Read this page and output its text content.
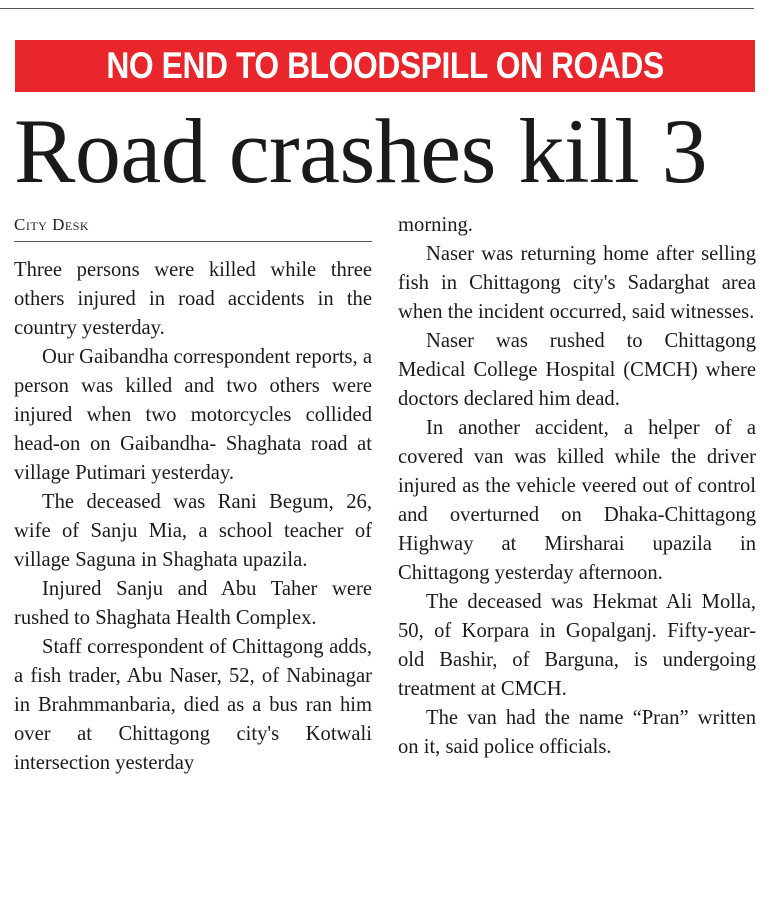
NO END TO BLOODSPILL ON ROADS
Road crashes kill 3
City Desk

Three persons were killed while three others injured in road accidents in the country yesterday.

Our Gaibandha correspondent reports, a person was killed and two others were injured when two motorcycles collided head-on on Gaibandha- Shaghata road at village Putimari yesterday.

The deceased was Rani Begum, 26, wife of Sanju Mia, a school teacher of village Saguna in Shaghata upazila.

Injured Sanju and Abu Taher were rushed to Shaghata Health Complex.

Staff correspondent of Chittagong adds, a fish trader, Abu Naser, 52, of Nabinagar in Brahmmanbaria, died as a bus ran him over at Chittagong city's Kotwali intersection yesterday

morning.

Naser was returning home after selling fish in Chittagong city's Sadarghat area when the incident occurred, said witnesses.

Naser was rushed to Chittagong Medical College Hospital (CMCH) where doctors declared him dead.

In another accident, a helper of a covered van was killed while the driver injured as the vehicle veered out of control and overturned on Dhaka-Chittagong Highway at Mirsharai upazila in Chittagong yesterday afternoon.

The deceased was Hekmat Ali Molla, 50, of Korpara in Gopalganj. Fifty-year-old Bashir, of Barguna, is undergoing treatment at CMCH.

The van had the name “Pran” written on it, said police officials.
